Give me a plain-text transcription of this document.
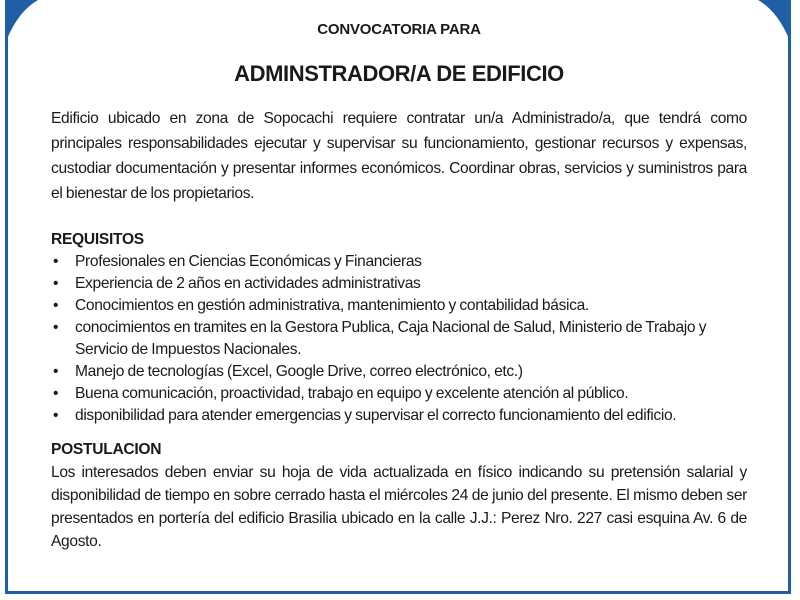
CONVOCATORIA PARA
ADMINSTRADOR/A DE EDIFICIO

Edificio ubicado en zona de Sopocachi requiere contratar un/a Administrado/a, que tendrá como principales responsabilidades ejecutar y supervisar su funcionamiento, gestionar recursos y expensas, custodiar documentación y presentar informes económicos. Coordinar obras, servicios y suministros para el bienestar de los propietarios.

REQUISITOS
• Profesionales en Ciencias Económicas y Financieras
• Experiencia de 2 años en actividades administrativas
• Conocimientos en gestión administrativa, mantenimiento y contabilidad básica.
• conocimientos en tramites en la Gestora Publica, Caja Nacional de Salud, Ministerio de Trabajo y Servicio de Impuestos Nacionales.
• Manejo de tecnologías (Excel, Google Drive, correo electrónico, etc.)
• Buena comunicación, proactividad, trabajo en equipo y excelente atención al público.
• disponibilidad para atender emergencias y supervisar el correcto funcionamiento del edificio.
POSTULACION

Los interesados deben enviar su hoja de vida actualizada en físico indicando su pretensión salarial y disponibilidad de tiempo en sobre cerrado hasta el miércoles 24 de junio del presente. El mismo deben ser presentados en portería del edificio Brasilia ubicado en la calle J.J.: Perez Nro. 227 casi esquina Av. 6 de Agosto.
